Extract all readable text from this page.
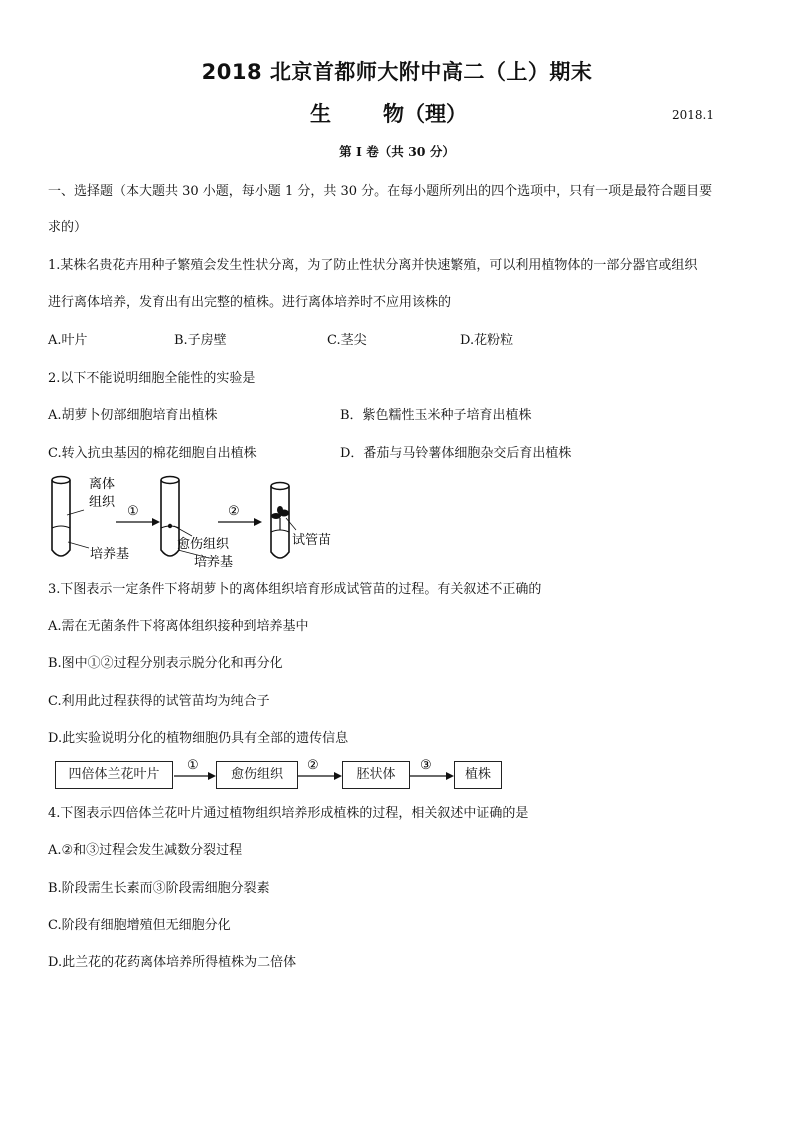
2018 北京首都师大附中高二（上）期末
生 物（理）	2018.1
第 I 卷（共 30 分）
一、选择题（本大题共 30 小题，每小题 1 分，共 30 分。在每小题所列出的四个选项中，只有一项是最符合题目要
求的）
1.某株名贵花卉用种子繁殖会发生性状分离，为了防止性状分离并快速繁殖，可以利用植物体的一部分器官或组织
进行离体培养，发育出有出完整的植株。进行离体培养时不应用该株的
A.叶片	B.子房壁	C.茎尖	D.花粉粒
2.以下不能说明细胞全能性的实验是
A.胡萝卜仞部细胞培育出植株	B．紫色糯性玉米种子培育出植株
C.转入抗虫基因的棉花细胞自出植株	D．番茄与马铃薯体细胞杂交后育出植株
离体
组织
培养基
①
愈伤组织
培养基
②
试管苗
3.下图表示一定条件下将胡萝卜的离体组织培育形成试管苗的过程。有关叙述不正确的
A.需在无菌条件下将离体组织接种到培养基中
B.图中①②过程分别表示脱分化和再分化
C.利用此过程获得的试管苗均为纯合子
D.此实验说明分化的植物细胞仍具有全部的遗传信息
四倍体兰花叶片	愈伤组织	胚状体	植株
①	②	③
4.下图表示四倍体兰花叶片通过植物组织培养形成植株的过程，相关叙述中证确的是
A.②和③过程会发生减数分裂过程
B.阶段需生长素而③阶段需细胞分裂素
C.阶段有细胞增殖但无细胞分化
D.此兰花的花药离体培养所得植株为二倍体
